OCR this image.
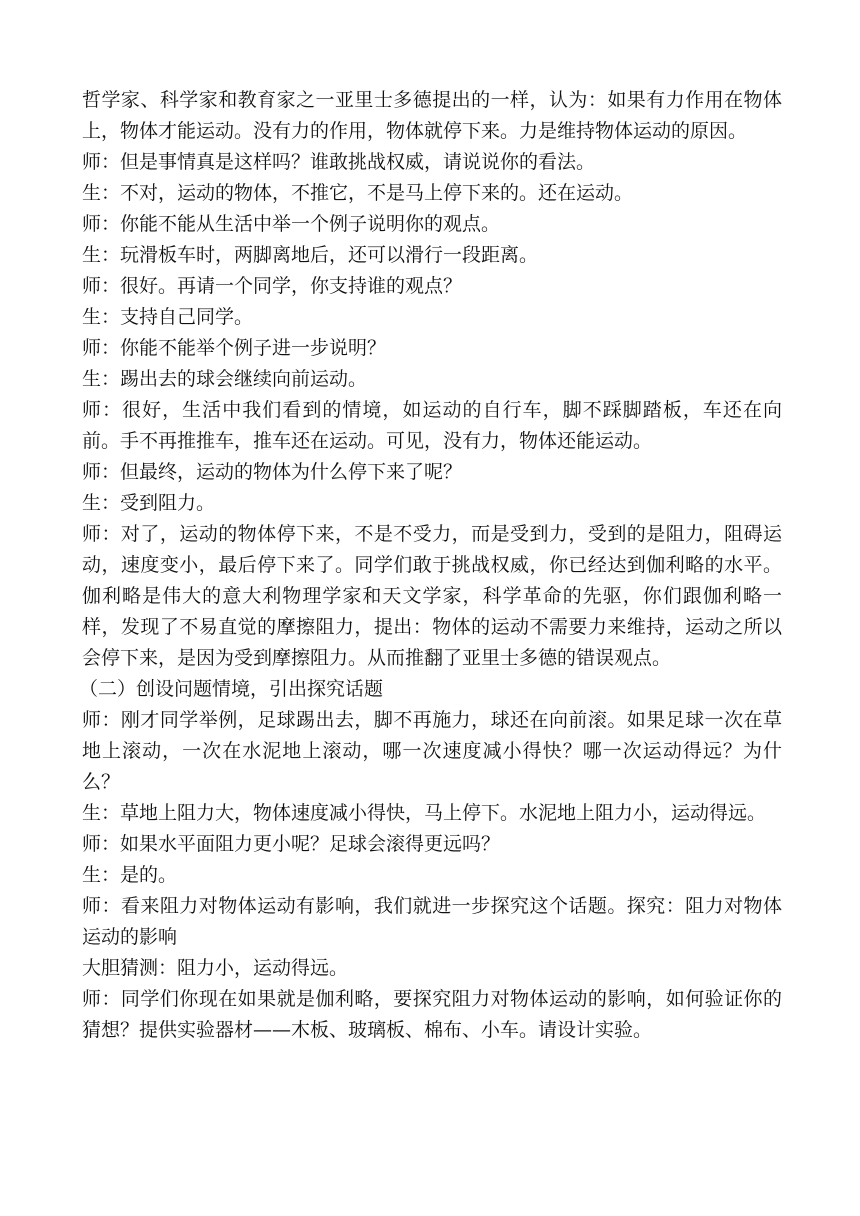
哲学家、科学家和教育家之一亚里士多德提出的一样，认为：如果有力作用在物体上，物体才能运动。没有力的作用，物体就停下来。力是维持物体运动的原因。

师：但是事情真是这样吗？谁敢挑战权威，请说说你的看法。

生：不对，运动的物体，不推它，不是马上停下来的。还在运动。

师：你能不能从生活中举一个例子说明你的观点。

生：玩滑板车时，两脚离地后，还可以滑行一段距离。

师：很好。再请一个同学，你支持谁的观点？

生：支持自己同学。

师：你能不能举个例子进一步说明？

生：踢出去的球会继续向前运动。

师：很好，生活中我们看到的情境，如运动的自行车，脚不踩脚踏板，车还在向前。手不再推推车，推车还在运动。可见，没有力，物体还能运动。

师：但最终，运动的物体为什么停下来了呢？

生：受到阻力。

师：对了，运动的物体停下来，不是不受力，而是受到力，受到的是阻力，阻碍运动，速度变小，最后停下来了。同学们敢于挑战权威，你已经达到伽利略的水平。伽利略是伟大的意大利物理学家和天文学家，科学革命的先驱，你们跟伽利略一样，发现了不易直觉的摩擦阻力，提出：物体的运动不需要力来维持，运动之所以会停下来，是因为受到摩擦阻力。从而推翻了亚里士多德的错误观点。

（二）创设问题情境，引出探究话题

师：刚才同学举例，足球踢出去，脚不再施力，球还在向前滚。如果足球一次在草地上滚动，一次在水泥地上滚动，哪一次速度减小得快？哪一次运动得远？为什么？

生：草地上阻力大，物体速度减小得快，马上停下。水泥地上阻力小，运动得远。

师：如果水平面阻力更小呢？足球会滚得更远吗？

生：是的。

师：看来阻力对物体运动有影响，我们就进一步探究这个话题。探究：阻力对物体运动的影响

大胆猜测：阻力小，运动得远。

师：同学们你现在如果就是伽利略，要探究阻力对物体运动的影响，如何验证你的猜想？提供实验器材——木板、玻璃板、棉布、小车。请设计实验。
